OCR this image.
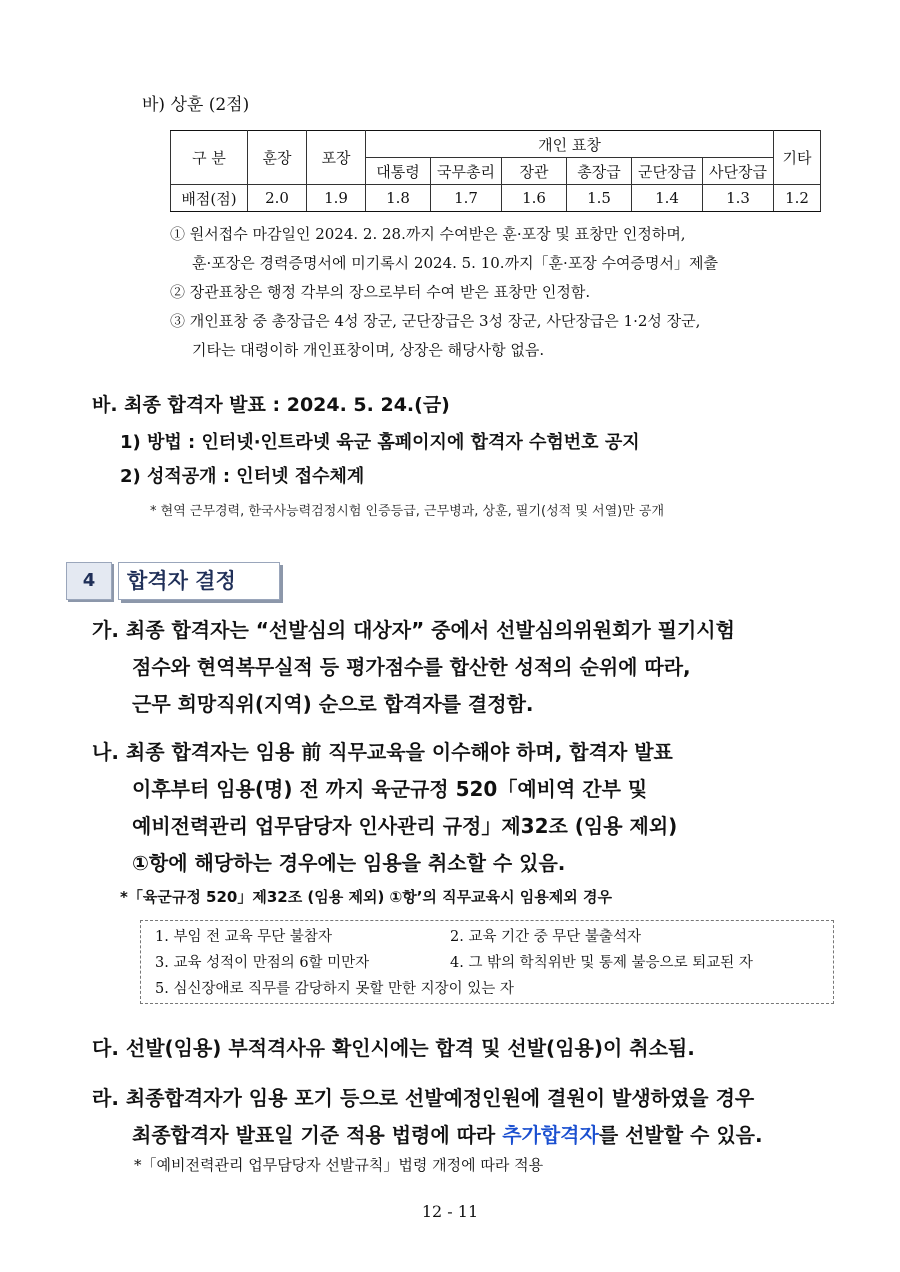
바) 상훈 (2점)
구 분	훈장	포장	개인 표창						기타
			대통령	국무총리	장관	총장급	군단장급	사단장급	
배점(점)	2.0	1.9	1.8	1.7	1.6	1.5	1.4	1.3	1.2
① 원서접수 마감일인 2024. 2. 28.까지 수여받은 훈·포장 및 표창만 인정하며,
훈·포장은 경력증명서에 미기록시 2024. 5. 10.까지「훈·포장 수여증명서」제출
② 장관표창은 행정 각부의 장으로부터 수여 받은 표창만 인정함.
③ 개인표창 중 총장급은 4성 장군, 군단장급은 3성 장군, 사단장급은 1·2성 장군,
기타는 대령이하 개인표창이며, 상장은 해당사항 없음.
바. 최종 합격자 발표 : 2024. 5. 24.(금)
1) 방법 : 인터넷·인트라넷 육군 홈페이지에 합격자 수험번호 공지
2) 성적공개 : 인터넷 접수체계
* 현역 근무경력, 한국사능력검정시험 인증등급, 근무병과, 상훈, 필기(성적 및 서열)만 공개
4	합격자 결정
가. 최종 합격자는 “선발심의 대상자” 중에서 선발심의위원회가 필기시험
점수와 현역복무실적 등 평가점수를 합산한 성적의 순위에 따라,
근무 희망직위(지역) 순으로 합격자를 결정함.
나. 최종 합격자는 임용 前 직무교육을 이수해야 하며, 합격자 발표
이후부터 임용(명) 전 까지 육군규정 520「예비역 간부 및
예비전력관리 업무담당자 인사관리 규정」제32조 (임용 제외)
①항에 해당하는 경우에는 임용을 취소할 수 있음.
*「육군규정 520」제32조 (임용 제외) ①항’의 직무교육시 임용제외 경우
1. 부임 전 교육 무단 불참자	2. 교육 기간 중 무단 불출석자
3. 교육 성적이 만점의 6할 미만자	4. 그 밖의 학칙위반 및 통제 불응으로 퇴교된 자
5. 심신장애로 직무를 감당하지 못할 만한 지장이 있는 자
다. 선발(임용) 부적격사유 확인시에는 합격 및 선발(임용)이 취소됨.
라. 최종합격자가 임용 포기 등으로 선발예정인원에 결원이 발생하였을 경우
최종합격자 발표일 기준 적용 법령에 따라 추가합격자를 선발할 수 있음.
*「예비전력관리 업무담당자 선발규칙」법령 개정에 따라 적용
12 - 11
